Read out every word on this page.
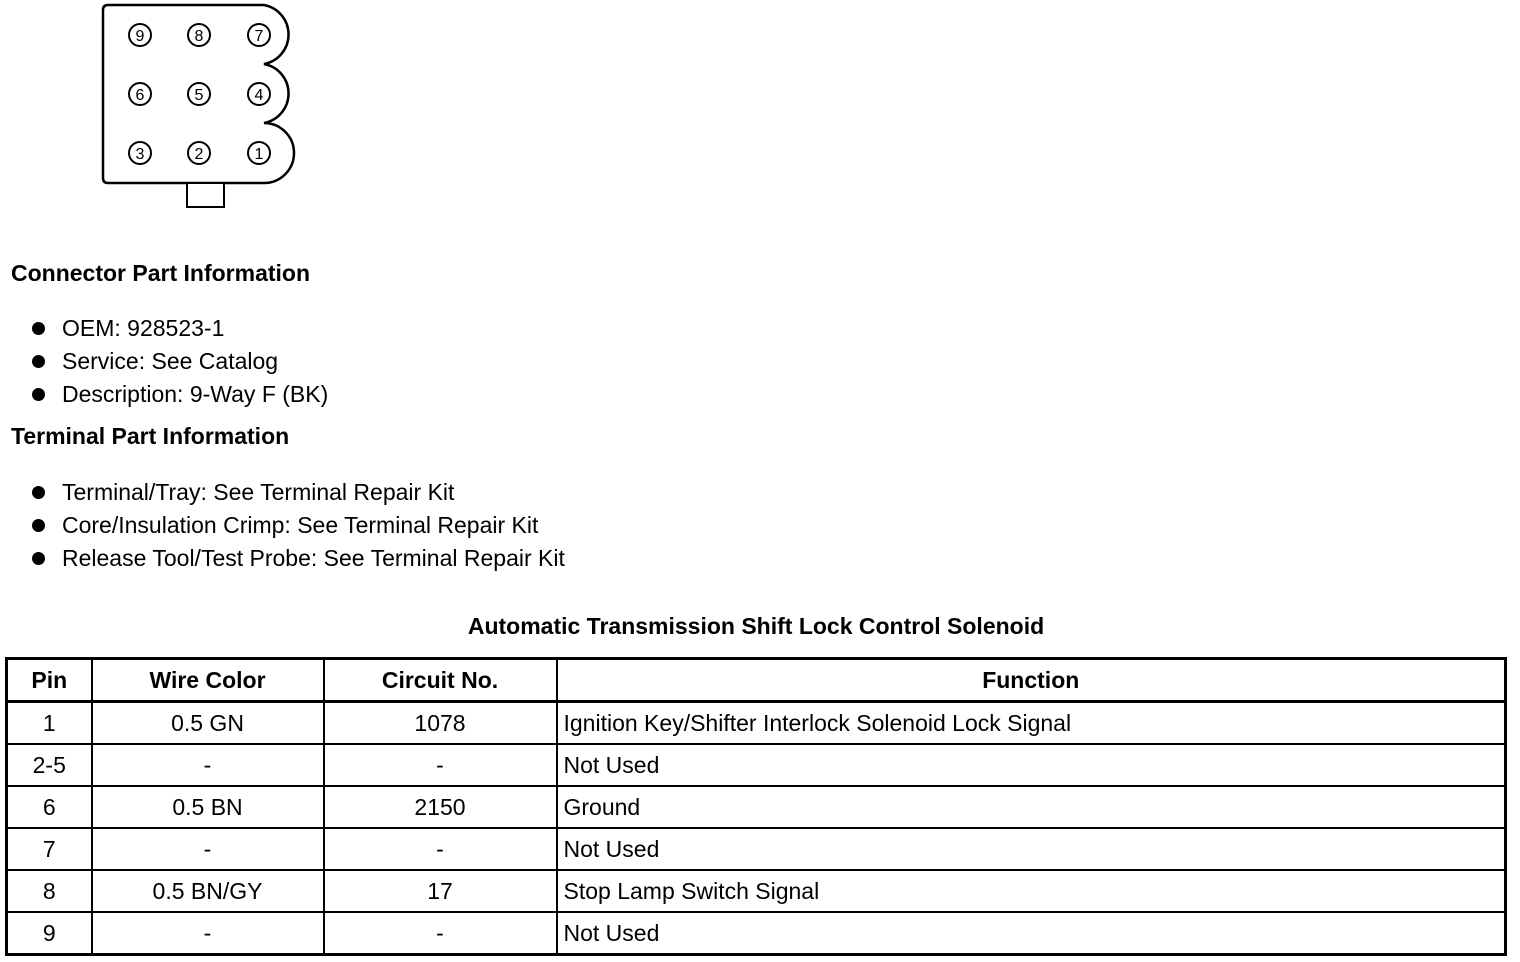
9	8	7
6	5	4
3	2	1
Connector Part Information
OEM: 928523-1
Service: See Catalog
Description: 9-Way F (BK)
Terminal Part Information
Terminal/Tray: See Terminal Repair Kit
Core/Insulation Crimp: See Terminal Repair Kit
Release Tool/Test Probe: See Terminal Repair Kit
Automatic Transmission Shift Lock Control Solenoid
Pin	Wire Color	Circuit No.	Function
1	0.5 GN	1078	Ignition Key/Shifter Interlock Solenoid Lock Signal
2-5	-	-	Not Used
6	0.5 BN	2150	Ground
7	-	-	Not Used
8	0.5 BN/GY	17	Stop Lamp Switch Signal
9	-	-	Not Used
